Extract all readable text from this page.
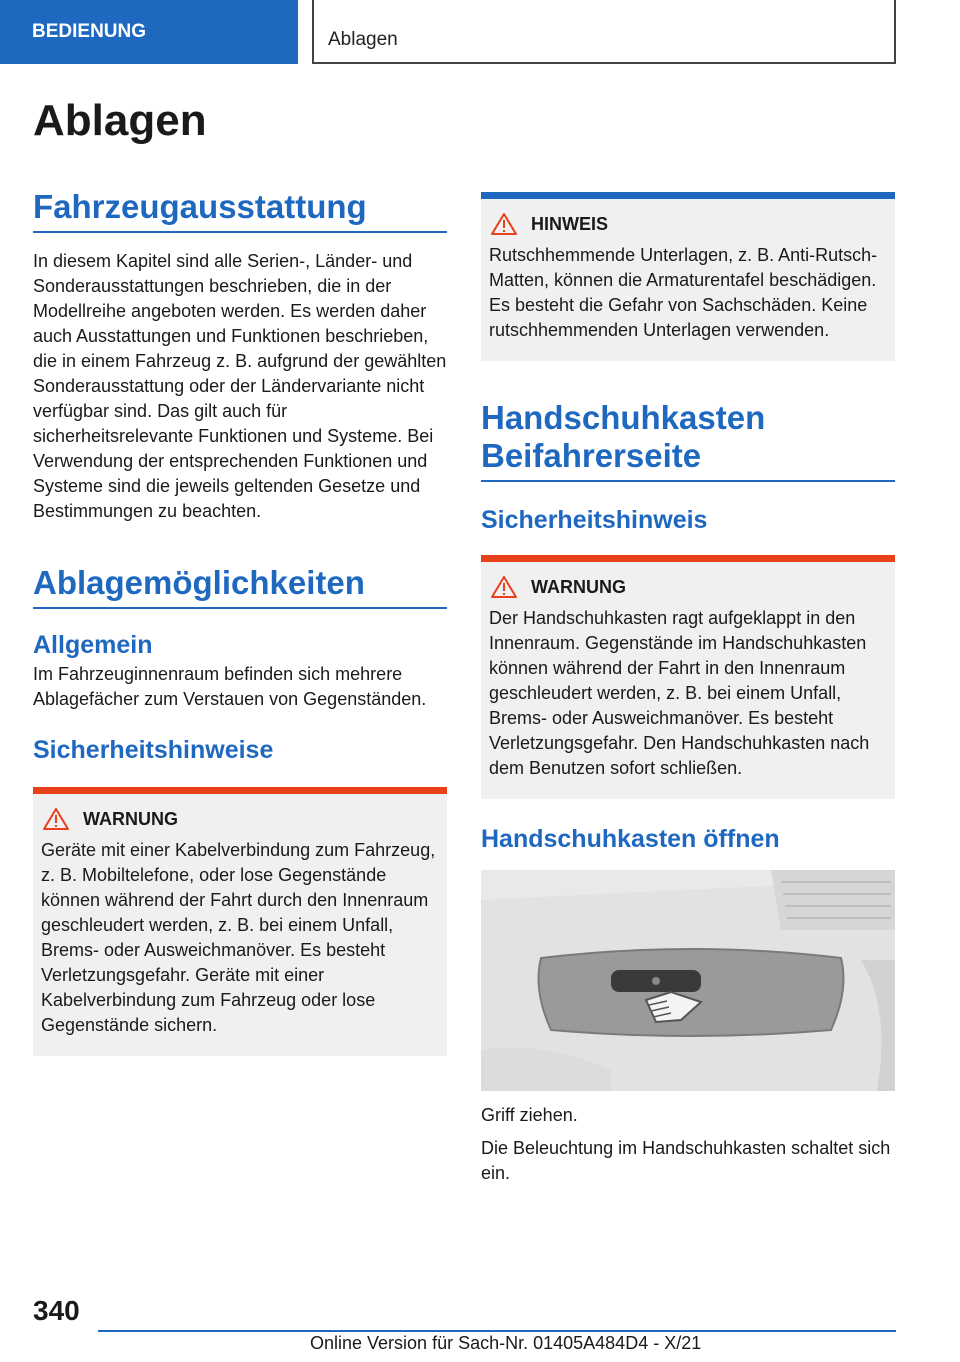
BEDIENUNG	Ablagen
Ablagen
Fahrzeugausstattung

In diesem Kapitel sind alle Serien-, Länder- und Sonderausstattungen beschrieben, die in der Modellreihe angeboten werden. Es werden daher auch Ausstattungen und Funktionen beschrieben, die in einem Fahrzeug z. B. aufgrund der gewählten Sonderausstattung oder der Ländervariante nicht verfügbar sind. Das gilt auch für sicherheitsrelevante Funktionen und Systeme. Bei Verwendung der entsprechenden Funktionen und Systeme sind die jeweils geltenden Gesetze und Bestimmungen zu beachten.

Ablagemöglichkeiten
Allgemein

Im Fahrzeuginnenraum befinden sich mehrere Ablagefächer zum Verstauen von Gegenständen.

Sicherheitshinweise
WARNUNG

Geräte mit einer Kabelverbindung zum Fahrzeug, z. B. Mobiltelefone, oder lose Gegenstände können während der Fahrt durch den Innenraum geschleudert werden, z. B. bei einem Unfall, Brems- oder Ausweichmanöver. Es besteht Verletzungsgefahr. Geräte mit einer Kabelverbindung zum Fahrzeug oder lose Gegenstände sichern.

HINWEIS

Rutschhemmende Unterlagen, z. B. Anti-Rutsch-Matten, können die Armaturentafel beschädigen. Es besteht die Gefahr von Sachschäden. Keine rutschhemmenden Unterlagen verwenden.

Handschuhkasten
Beifahrerseite
Sicherheitshinweis
WARNUNG

Der Handschuhkasten ragt aufgeklappt in den Innenraum. Gegenstände im Handschuhkasten können während der Fahrt in den Innenraum geschleudert werden, z. B. bei einem Unfall, Brems- oder Ausweichmanöver. Es besteht Verletzungsgefahr. Den Handschuhkasten nach dem Benutzen sofort schließen.

Handschuhkasten öffnen

Griff ziehen.

Die Beleuchtung im Handschuhkasten schaltet sich ein.

340

Online Version für Sach-Nr. 01405A484D4 - X/21
